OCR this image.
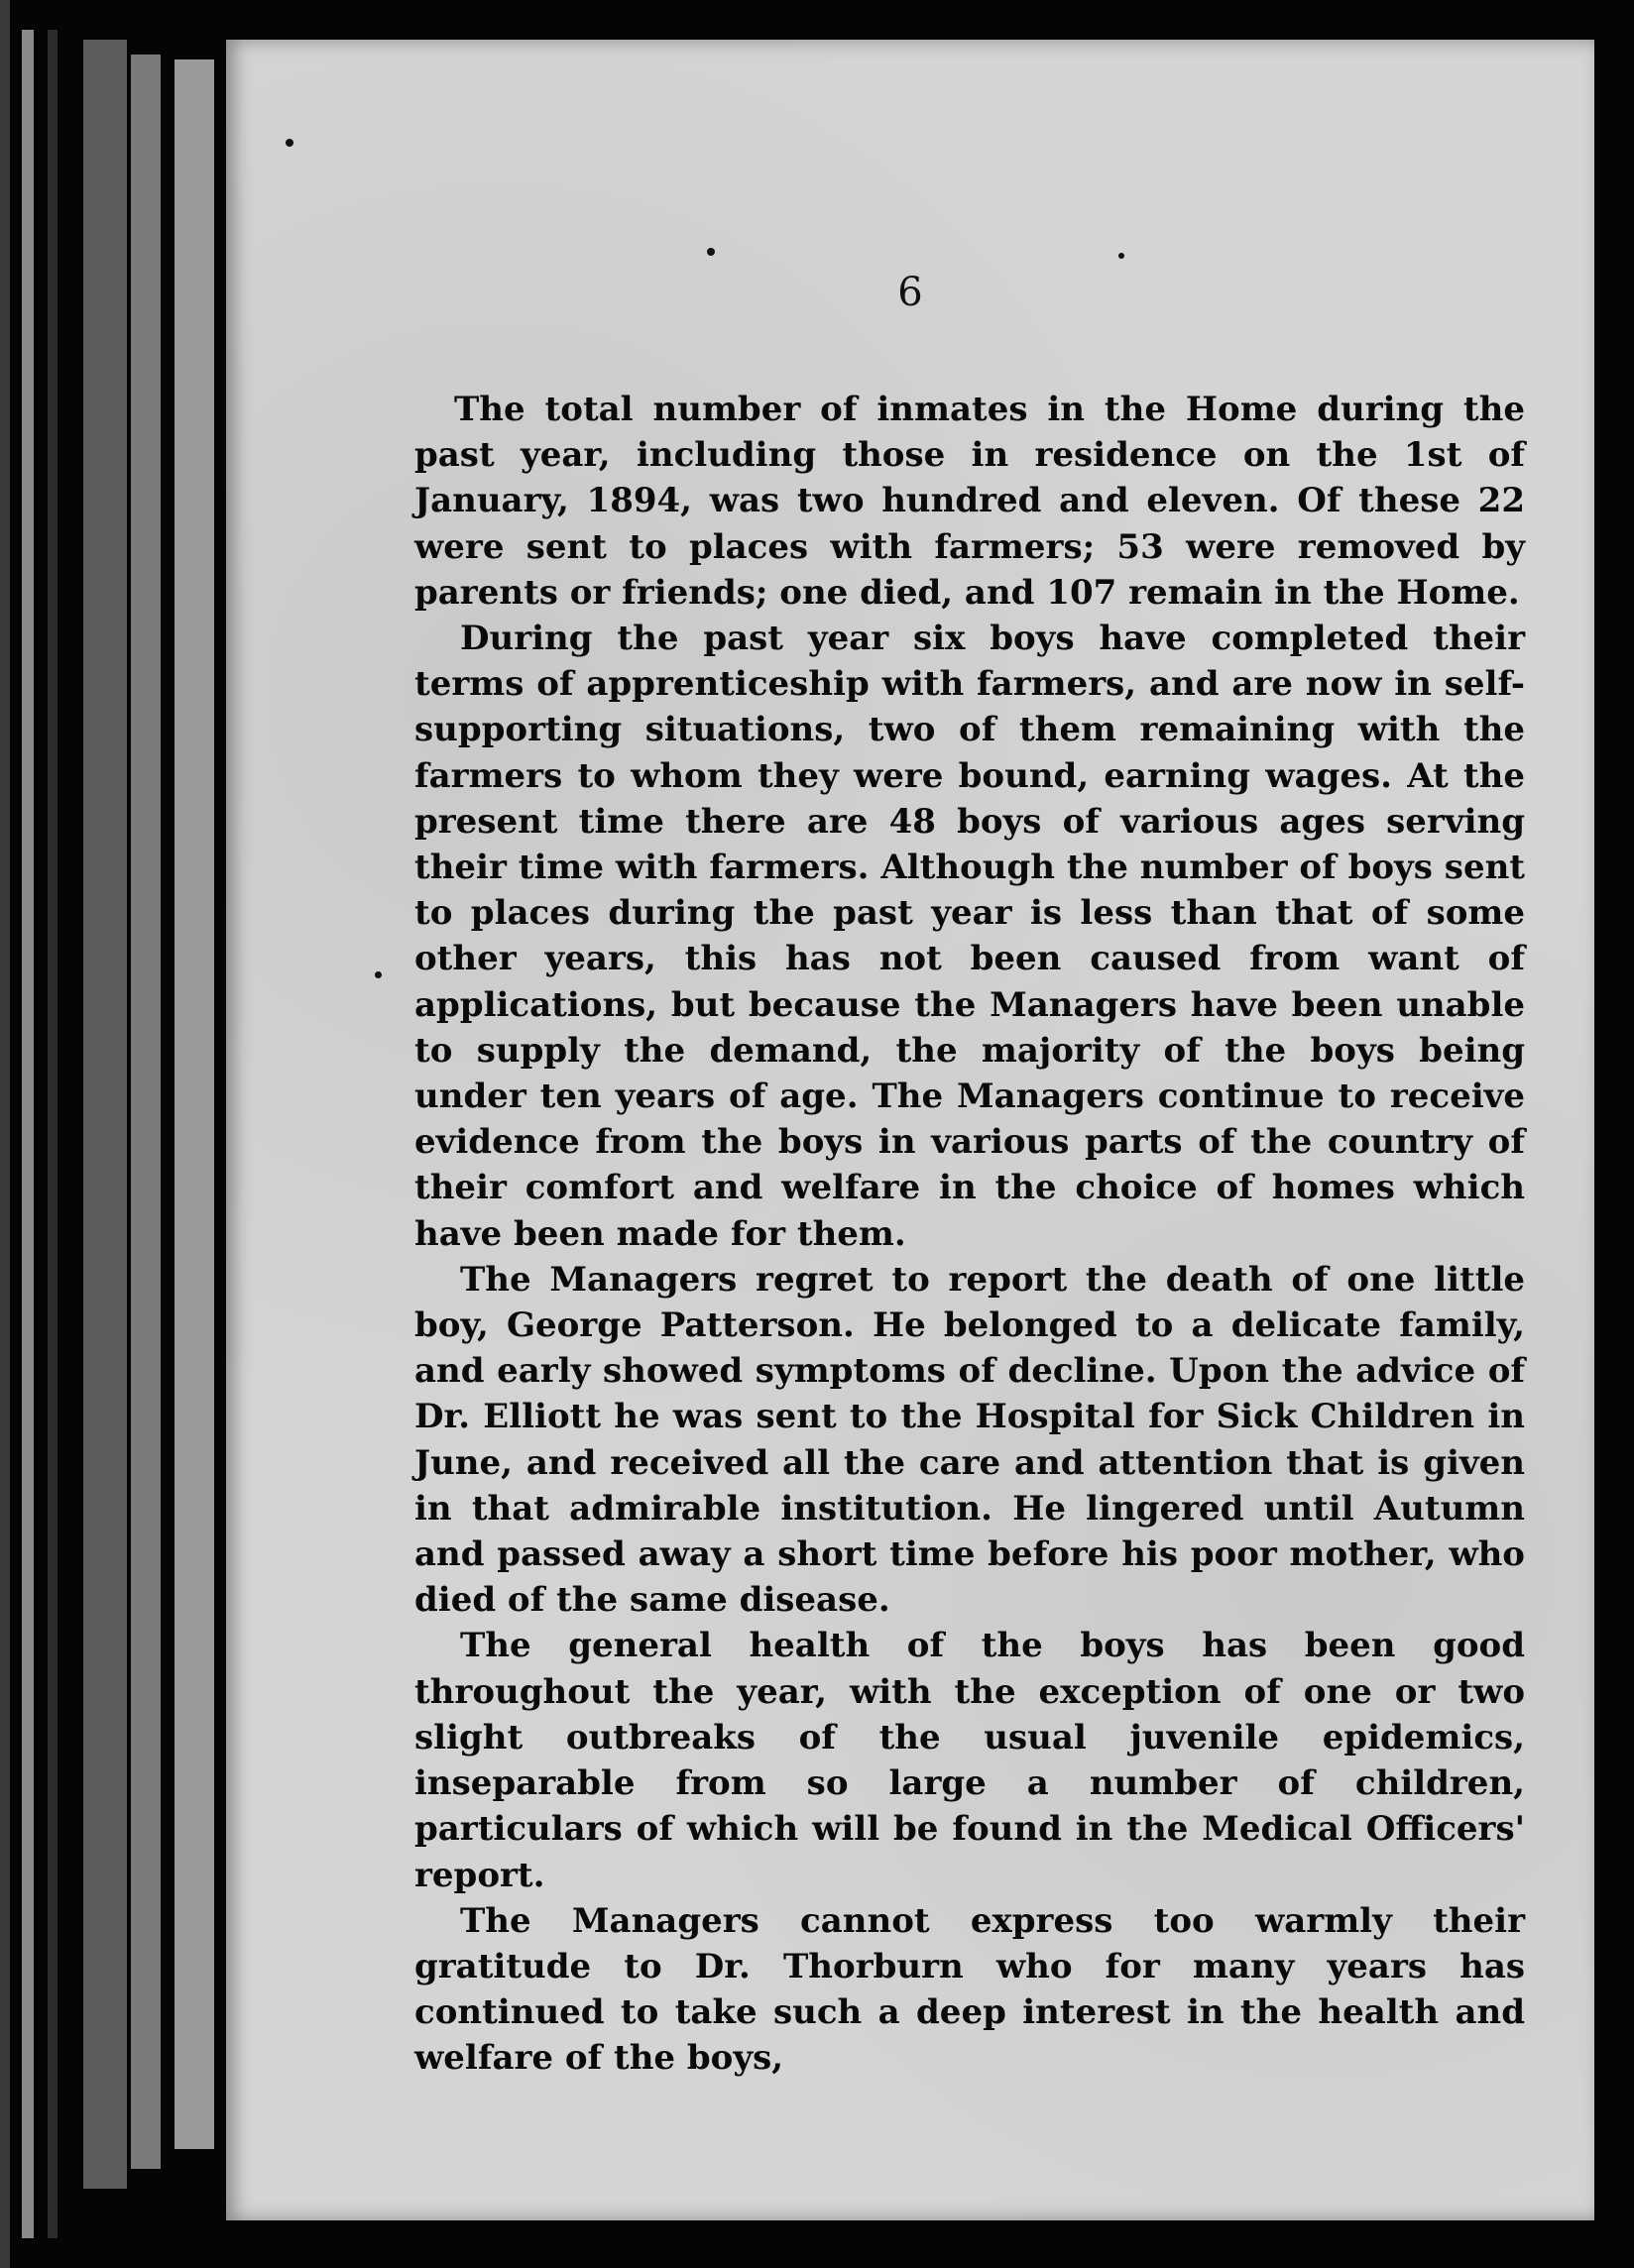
6

The total number of inmates in the Home during the past year, including those in residence on the 1st of January, 1894, was two hundred and eleven. Of these 22 were sent to places with farmers; 53 were removed by parents or friends; one died, and 107 remain in the Home.

During the past year six boys have completed their terms of apprenticeship with farmers, and are now in self-supporting situations, two of them remaining with the farmers to whom they were bound, earning wages. At the present time there are 48 boys of various ages serving their time with farmers. Although the number of boys sent to places during the past year is less than that of some other years, this has not been caused from want of applications, but because the Managers have been unable to supply the demand, the majority of the boys being under ten years of age. The Managers continue to receive evidence from the boys in various parts of the country of their comfort and welfare in the choice of homes which have been made for them.

The Managers regret to report the death of one little boy, George Patterson. He belonged to a delicate family, and early showed symptoms of decline. Upon the advice of Dr. Elliott he was sent to the Hospital for Sick Children in June, and received all the care and attention that is given in that admirable institution. He lingered until Autumn and passed away a short time before his poor mother, who died of the same disease.

The general health of the boys has been good throughout the year, with the exception of one or two slight outbreaks of the usual juvenile epidemics, inseparable from so large a number of children, particulars of which will be found in the Medical Officers' report.

The Managers cannot express too warmly their gratitude to Dr. Thorburn who for many years has continued to take such a deep interest in the health and welfare of the boys,
